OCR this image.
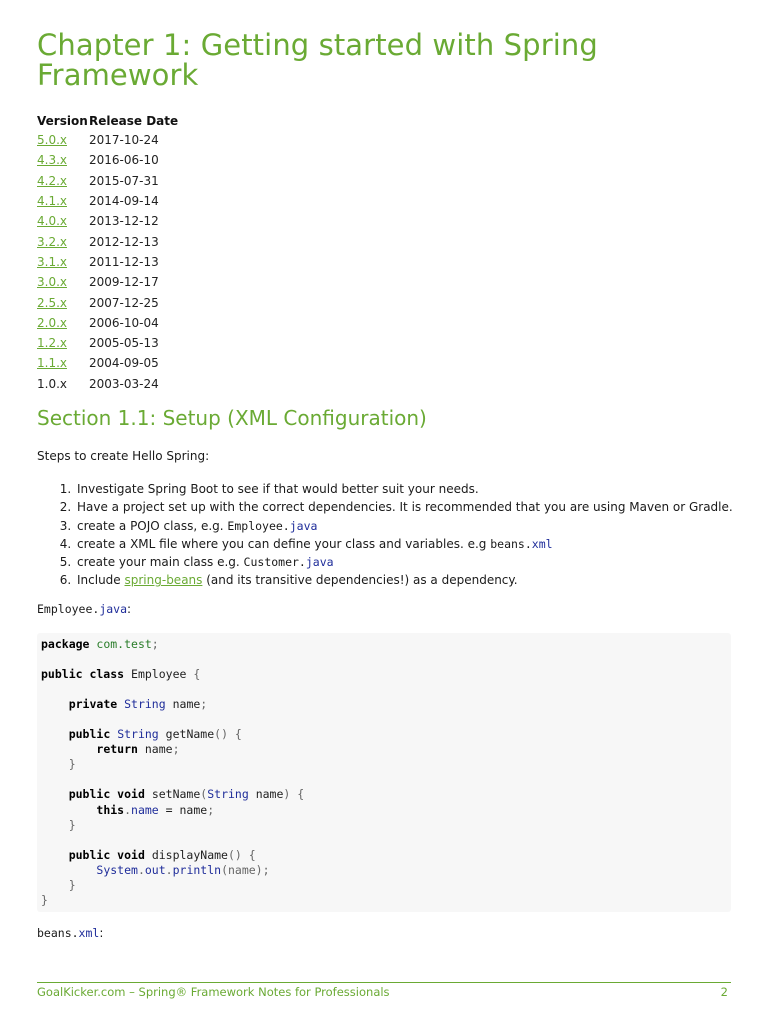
Chapter 1: Getting started with Spring
Framework
Version	Release Date
5.0.x	2017-10-24
4.3.x	2016-06-10
4.2.x	2015-07-31
4.1.x	2014-09-14
4.0.x	2013-12-12
3.2.x	2012-12-13
3.1.x	2011-12-13
3.0.x	2009-12-17
2.5.x	2007-12-25
2.0.x	2006-10-04
1.2.x	2005-05-13
1.1.x	2004-09-05
1.0.x	2003-03-24
Section 1.1: Setup (XML Configuration)

Steps to create Hello Spring:

1. Investigate Spring Boot to see if that would better suit your needs.
2. Have a project set up with the correct dependencies. It is recommended that you are using Maven or Gradle.
3. create a POJO class, e.g. Employee.java
4. create a XML file where you can define your class and variables. e.g beans.xml
5. create your main class e.g. Customer.java
6. Include spring-beans (and its transitive dependencies!) as a dependency.

Employee.java:

package com.test;

public class Employee {

private String name;

public String getName() {
return name;
}

public void setName(String name) {
this.name = name;
}

public void displayName() {
System.out.println(name);
}
}

beans.xml:

GoalKicker.com – Spring® Framework Notes for Professionals	2
